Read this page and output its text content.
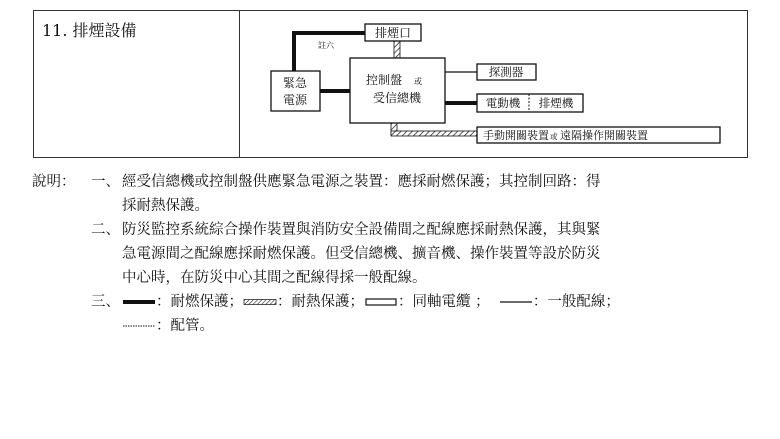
11. 排煙設備	排煙口
註六
緊急
電源
控制盤 或
受信總機
探測器
電動機 排煙機
手動開關裝置 或 遠隔操作開關裝置
說明： 一、 經受信總機或控制盤供應緊急電源之裝置：應採耐燃保護；其控制回路：得
採耐熱保護。
二、 防災監控系統綜合操作裝置與消防安全設備間之配線應採耐熱保護，其與緊
急電源間之配線應採耐燃保護。但受信總機、擴音機、操作裝置等設於防災
中心時，在防災中心其間之配線得採一般配線。
三、	：耐燃保護； ：耐熱保護； ：同軸電纜 ；	：一般配線；
：配管。
